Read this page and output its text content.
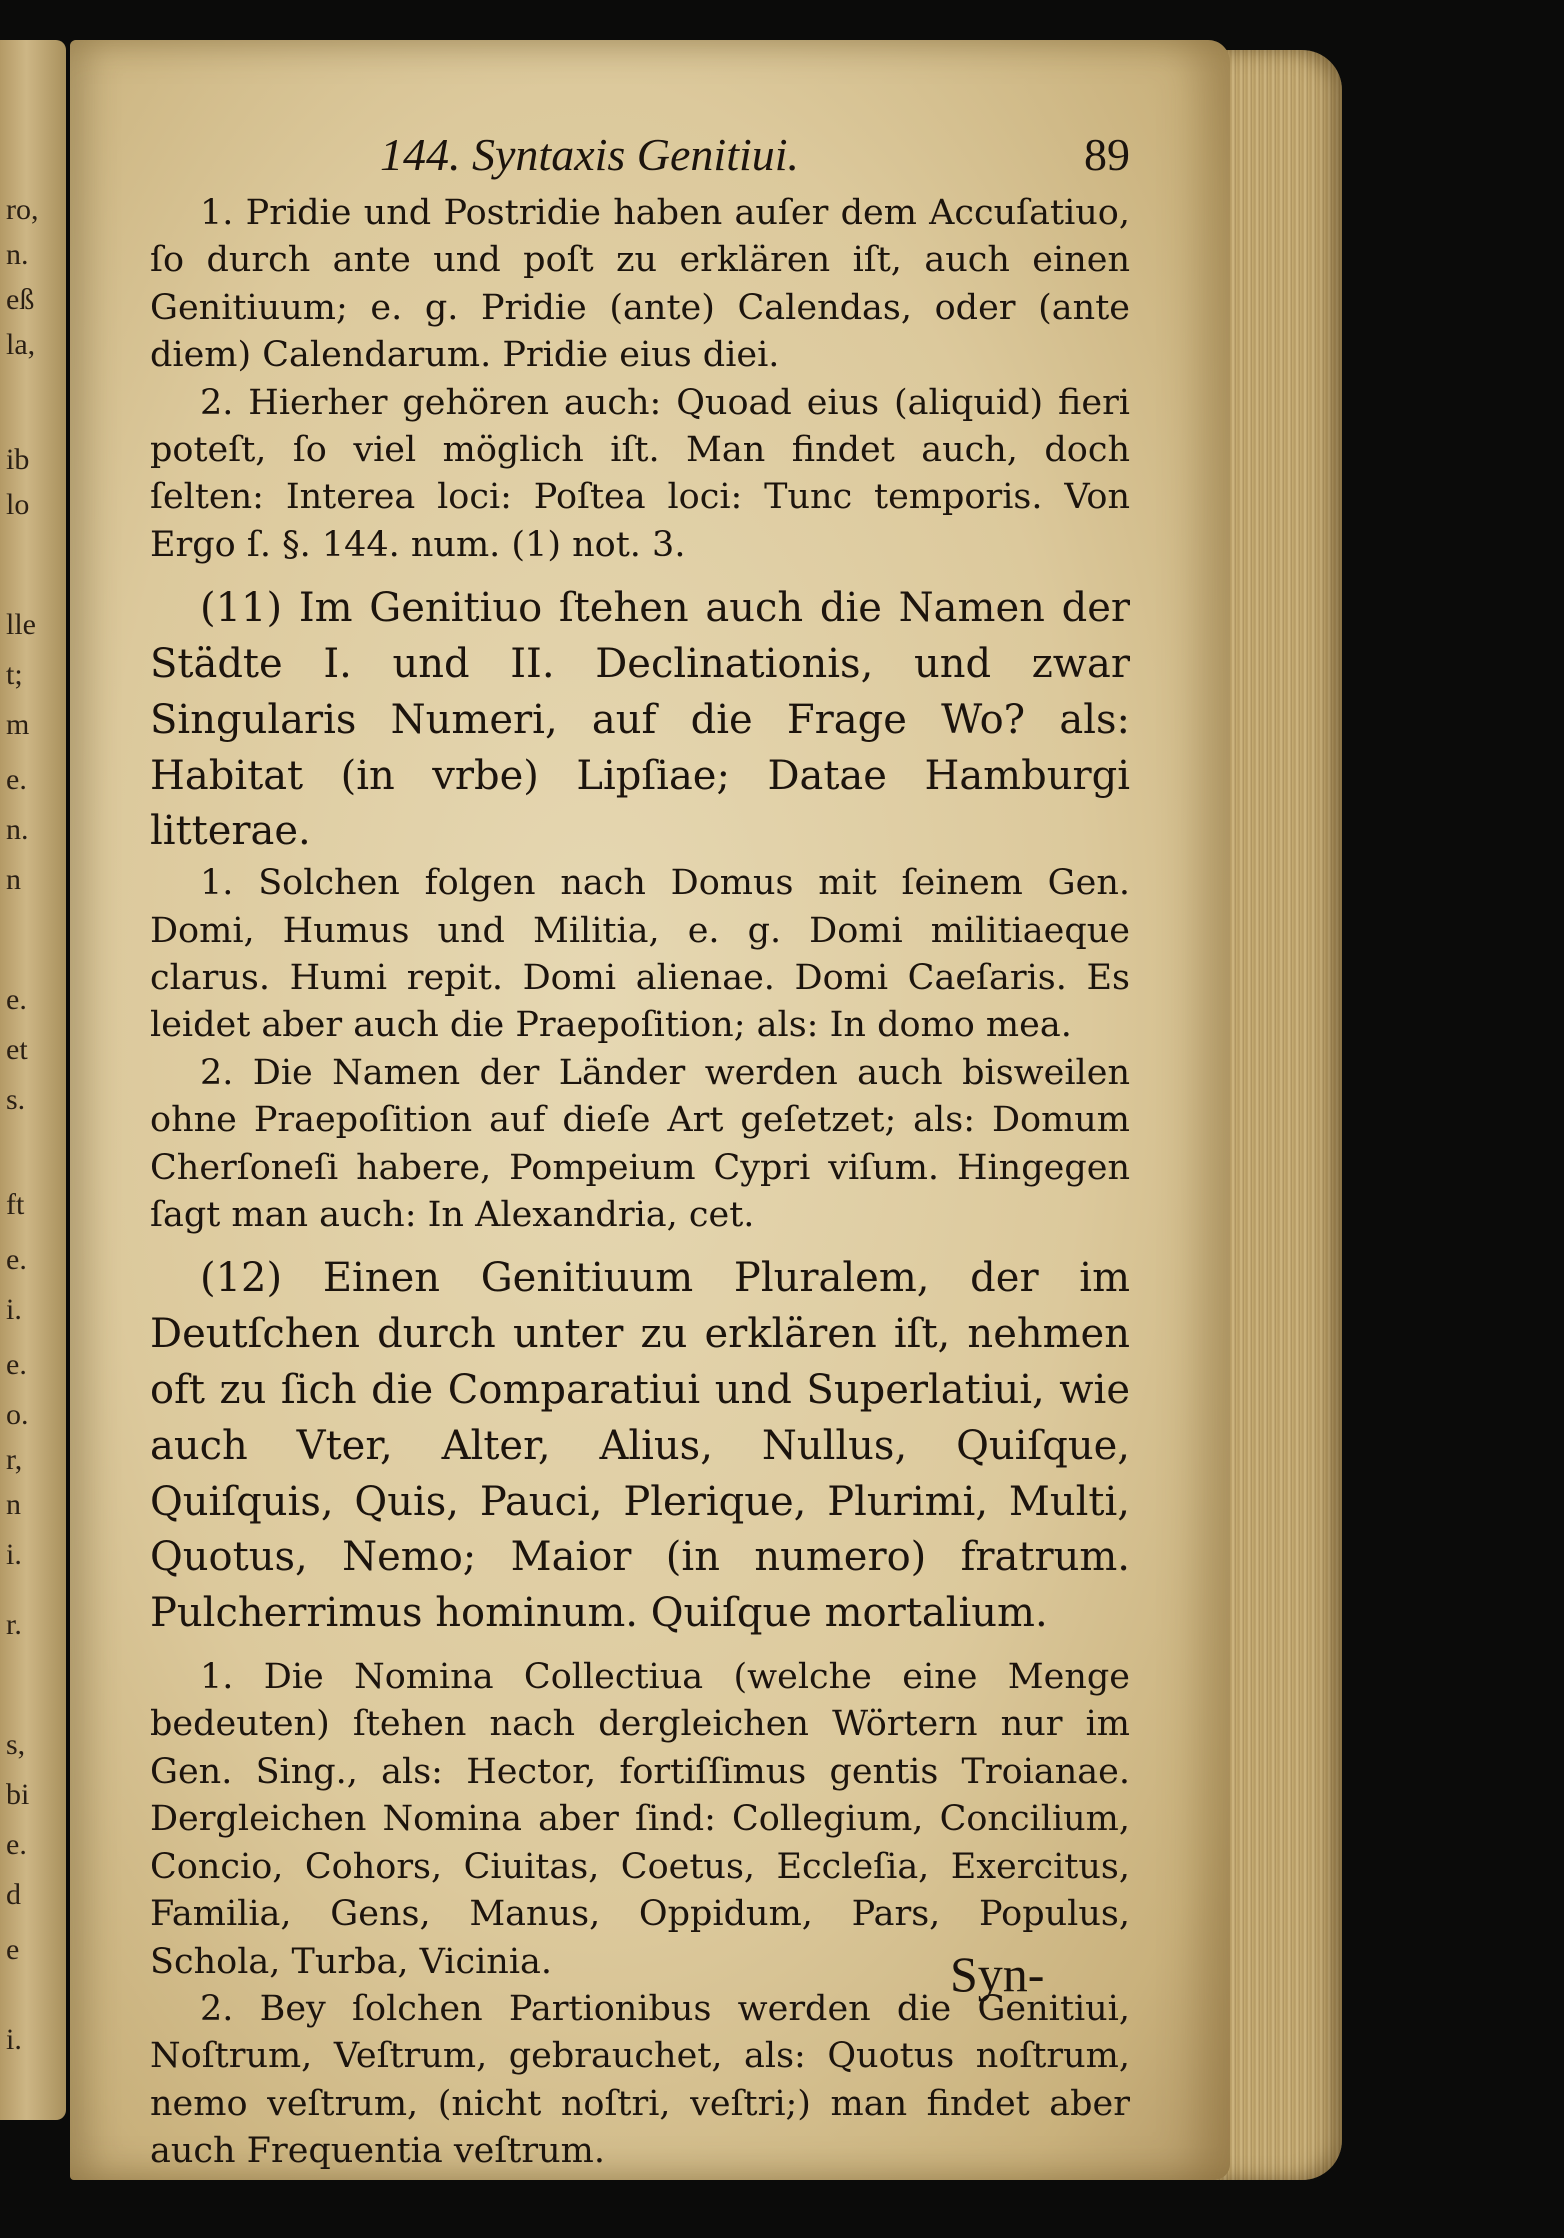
ro,
n.
eß
la,
ib
lo
lle
t;
m
e.
n.
n
e.
et
s.
ft
e.
i.
e.
o.
r,
n
i.
r.
s,
bi
e.
d
e
i.
144. Syntaxis Genitiui.	89

1. Pridie und Postridie haben auſer dem Accuſatiuo, ſo durch ante und poſt zu erklären iſt, auch einen Genitiuum; e. g. Pridie (ante) Calendas, oder (ante diem) Calendarum. Pridie eius diei.

2. Hierher gehören auch: Quoad eius (aliquid) fieri poteſt, ſo viel möglich iſt. Man findet auch, doch ſelten: Interea loci: Poſtea loci: Tunc temporis. Von Ergo ſ. §. 144. num. (1) not. 3.

(11) Im Genitiuo ſtehen auch die Namen der Städte I. und II. Declinationis, und zwar Singularis Numeri, auf die Frage Wo? als: Habitat (in vrbe) Lipſiae; Datae Hamburgi litterae.

1. Solchen folgen nach Domus mit ſeinem Gen. Domi, Humus und Militia, e. g. Domi militiaeque clarus. Humi repit. Domi alienae. Domi Caeſaris. Es leidet aber auch die Praepoſition; als: In domo mea.

2. Die Namen der Länder werden auch bisweilen ohne Praepoſition auf dieſe Art geſetzet; als: Domum Cherſoneſi habere, Pompeium Cypri viſum. Hingegen ſagt man auch: In Alexandria, cet.

(12) Einen Genitiuum Pluralem, der im Deutſchen durch unter zu erklären iſt, nehmen oft zu ſich die Comparatiui und Superlatiui, wie auch Vter, Alter, Alius, Nullus, Quiſque, Quiſquis, Quis, Pauci, Plerique, Plurimi, Multi, Quotus, Nemo; Maior (in numero) fratrum. Pulcherrimus hominum. Quiſque mortalium.

1. Die Nomina Collectiua (welche eine Menge bedeuten) ſtehen nach dergleichen Wörtern nur im Gen. Sing., als: Hector, fortiſſimus gentis Troianae. Dergleichen Nomina aber ſind: Collegium, Concilium, Concio, Cohors, Ciuitas, Coetus, Eccleſia, Exercitus, Familia, Gens, Manus, Oppidum, Pars, Populus, Schola, Turba, Vicinia.

2. Bey ſolchen Partionibus werden die Genitiui, Noſtrum, Veſtrum, gebrauchet, als: Quotus noſtrum, nemo veſtrum, (nicht noſtri, veſtri;) man findet aber auch Frequentia veſtrum.

Syn-
